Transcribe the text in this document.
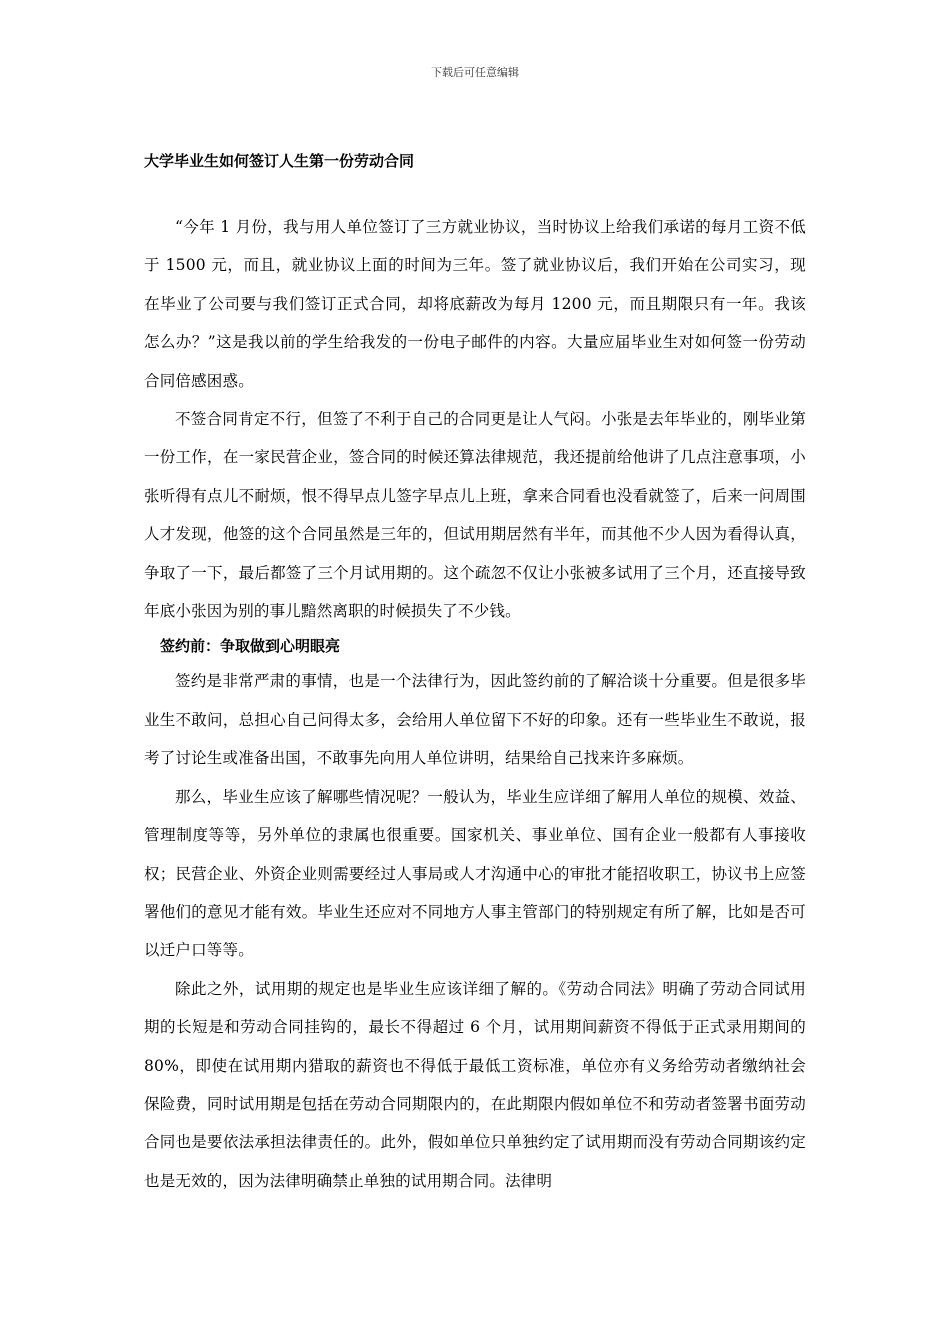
下载后可任意编辑
大学毕业生如何签订人生第一份劳动合同

“今年 1 月份，我与用人单位签订了三方就业协议，当时协议上给我们承诺的每月工资不低于 1500 元，而且，就业协议上面的时间为三年。签了就业协议后，我们开始在公司实习，现在毕业了公司要与我们签订正式合同，却将底薪改为每月 1200 元，而且期限只有一年。我该怎么办？”这是我以前的学生给我发的一份电子邮件的内容。大量应届毕业生对如何签一份劳动合同倍感困惑。

不签合同肯定不行，但签了不利于自己的合同更是让人气闷。小张是去年毕业的，刚毕业第一份工作，在一家民营企业，签合同的时候还算法律规范，我还提前给他讲了几点注意事项，小张听得有点儿不耐烦，恨不得早点儿签字早点儿上班，拿来合同看也没看就签了，后来一问周围人才发现，他签的这个合同虽然是三年的，但试用期居然有半年，而其他不少人因为看得认真，争取了一下，最后都签了三个月试用期的。这个疏忽不仅让小张被多试用了三个月，还直接导致年底小张因为别的事儿黯然离职的时候损失了不少钱。

签约前：争取做到心明眼亮

签约是非常严肃的事情，也是一个法律行为，因此签约前的了解洽谈十分重要。但是很多毕业生不敢问，总担心自己问得太多，会给用人单位留下不好的印象。还有一些毕业生不敢说，报考了讨论生或准备出国，不敢事先向用人单位讲明，结果给自己找来许多麻烦。

那么，毕业生应该了解哪些情况呢？一般认为，毕业生应详细了解用人单位的规模、效益、管理制度等等，另外单位的隶属也很重要。国家机关、事业单位、国有企业一般都有人事接收权；民营企业、外资企业则需要经过人事局或人才沟通中心的审批才能招收职工，协议书上应签署他们的意见才能有效。毕业生还应对不同地方人事主管部门的特别规定有所了解，比如是否可以迁户口等等。

除此之外，试用期的规定也是毕业生应该详细了解的。《劳动合同法》明确了劳动合同试用期的长短是和劳动合同挂钩的，最长不得超过 6 个月，试用期间薪资不得低于正式录用期间的 80%，即使在试用期内猎取的薪资也不得低于最低工资标准，单位亦有义务给劳动者缴纳社会保险费，同时试用期是包括在劳动合同期限内的，在此期限内假如单位不和劳动者签署书面劳动合同也是要依法承担法律责任的。此外，假如单位只单独约定了试用期而没有劳动合同期该约定也是无效的，因为法律明确禁止单独的试用期合同。法律明
